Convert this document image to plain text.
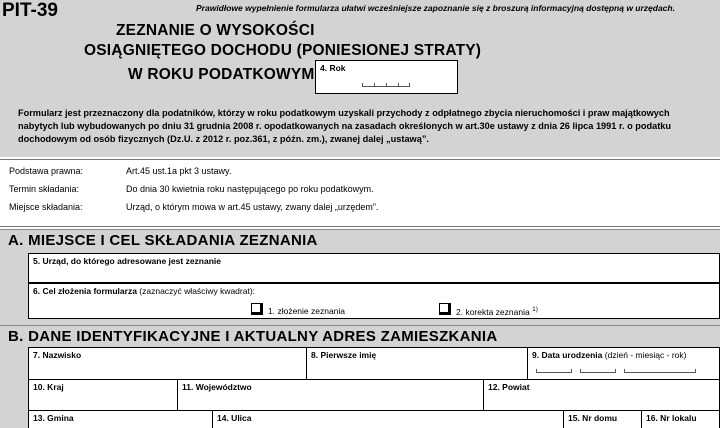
PIT-39	Prawidłowe wypełnienie formularza ułatwi wcześniejsze zapoznanie się z broszurą informacyjną dostępną w urzędach.
ZEZNANIE O WYSOKOŚCI
OSIĄGNIĘTEGO DOCHODU (PONIESIONEJ STRATY)
W ROKU PODATKOWYM 4. Rok
Formularz jest przeznaczony dla podatników, którzy w roku podatkowym uzyskali przychody z odpłatnego zbycia nieruchomości i praw majątkowych nabytych lub wybudowanych po dniu 31 grudnia 2008 r. opodatkowanych na zasadach określonych w art.30e ustawy z dnia 26 lipca 1991 r. o podatku dochodowym od osób fizycznych (Dz.U. z 2012 r. poz.361, z późn. zm.), zwanej dalej „ustawą”.
Podstawa prawna:	Art.45 ust.1a pkt 3 ustawy.
Termin składania:	Do dnia 30 kwietnia roku następującego po roku podatkowym.
Miejsce składania:	Urząd, o którym mowa w art.45 ustawy, zwany dalej „urzędem”.
A. MIEJSCE I CEL SKŁADANIA ZEZNANIA
5. Urząd, do którego adresowane jest zeznanie
6. Cel złożenia formularza (zaznaczyć właściwy kwadrat):
1. złożenie zeznania	2. korekta zeznania $^{1)}$
B. DANE IDENTYFIKACYJNE I AKTUALNY ADRES ZAMIESZKANIA
7. Nazwisko	8. Pierwsze imię	9. Data urodzenia (dzień - miesiąc - rok)
10. Kraj	11. Województwo	12. Powiat
13. Gmina	14. Ulica	15. Nr domu	16. Nr lokalu
